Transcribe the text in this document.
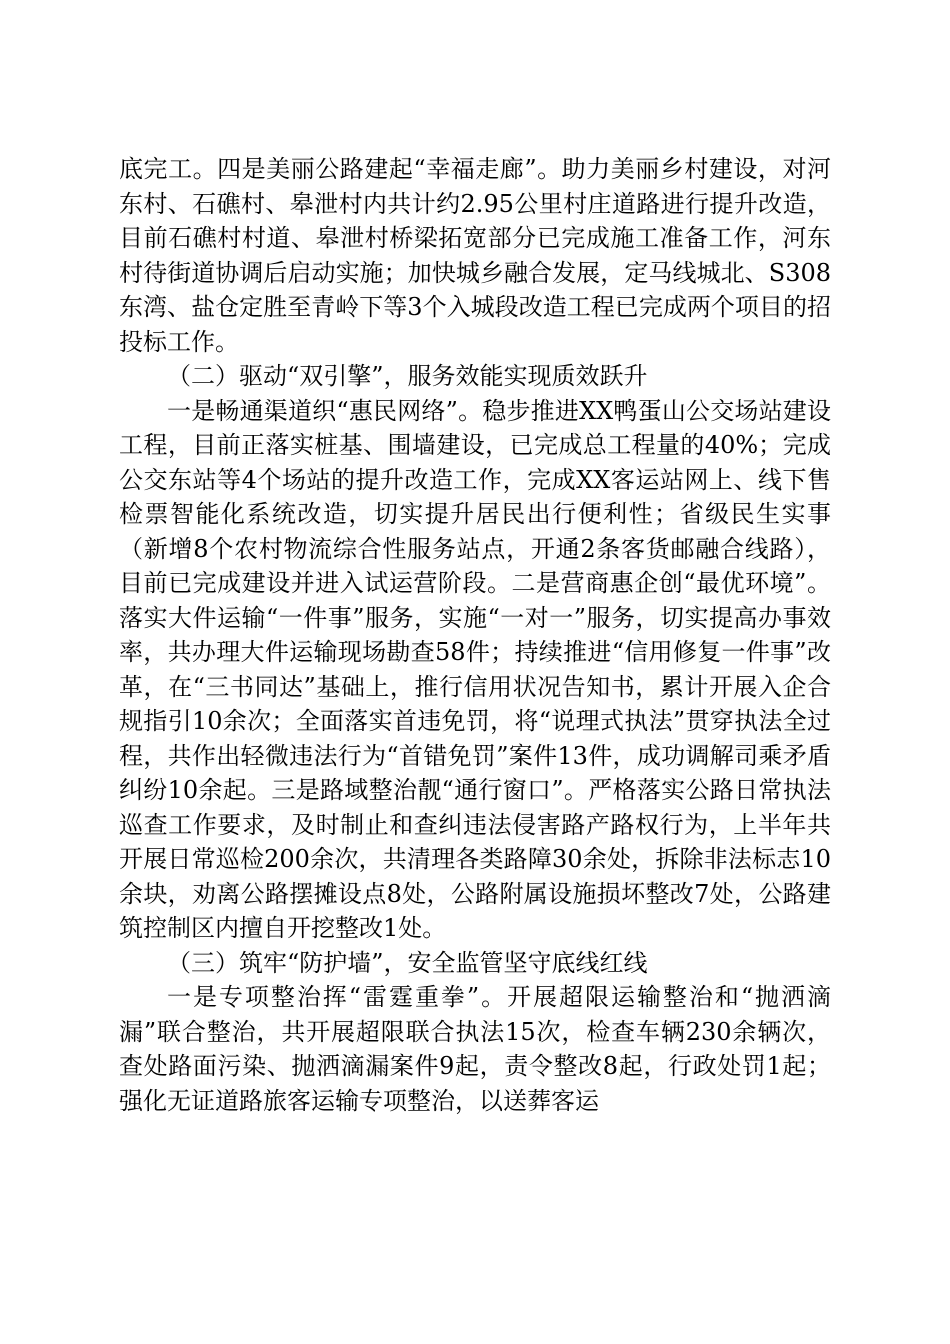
底完工。四是美丽公路建起“幸福走廊”。助力美丽乡村建设，对河东村、石礁村、皋泄村内共计约2.95公里村庄道路进行提升改造，目前石礁村村道、皋泄村桥梁拓宽部分已完成施工准备工作，河东村待街道协调后启动实施；加快城乡融合发展，定马线城北、S308东湾、盐仓定胜至青岭下等3个入城段改造工程已完成两个项目的招投标工作。

（二）驱动“双引擎”，服务效能实现质效跃升

一是畅通渠道织“惠民网络”。稳步推进XX鸭蛋山公交场站建设工程，目前正落实桩基、围墙建设，已完成总工程量的40%；完成公交东站等4个场站的提升改造工作，完成XX客运站网上、线下售检票智能化系统改造，切实提升居民出行便利性；省级民生实事（新增8个农村物流综合性服务站点，开通2条客货邮融合线路），目前已完成建设并进入试运营阶段。二是营商惠企创“最优环境”。落实大件运输“一件事”服务，实施“一对一”服务，切实提高办事效率，共办理大件运输现场勘查58件；持续推进“信用修复一件事”改革，在“三书同达”基础上，推行信用状况告知书，累计开展入企合规指引10余次；全面落实首违免罚，将“说理式执法”贯穿执法全过程，共作出轻微违法行为“首错免罚”案件13件，成功调解司乘矛盾纠纷10余起。三是路域整治靓“通行窗口”。严格落实公路日常执法巡查工作要求，及时制止和查纠违法侵害路产路权行为，上半年共开展日常巡检200余次，共清理各类路障30余处，拆除非法标志10余块，劝离公路摆摊设点8处，公路附属设施损坏整改7处，公路建筑控制区内擅自开挖整改1处。

（三）筑牢“防护墙”，安全监管坚守底线红线

一是专项整治挥“雷霆重拳”。开展超限运输整治和“抛洒滴漏”联合整治，共开展超限联合执法15次，检查车辆230余辆次，查处路面污染、抛洒滴漏案件9起，责令整改8起，行政处罚1起；强化无证道路旅客运输专项整治，以送葬客运
